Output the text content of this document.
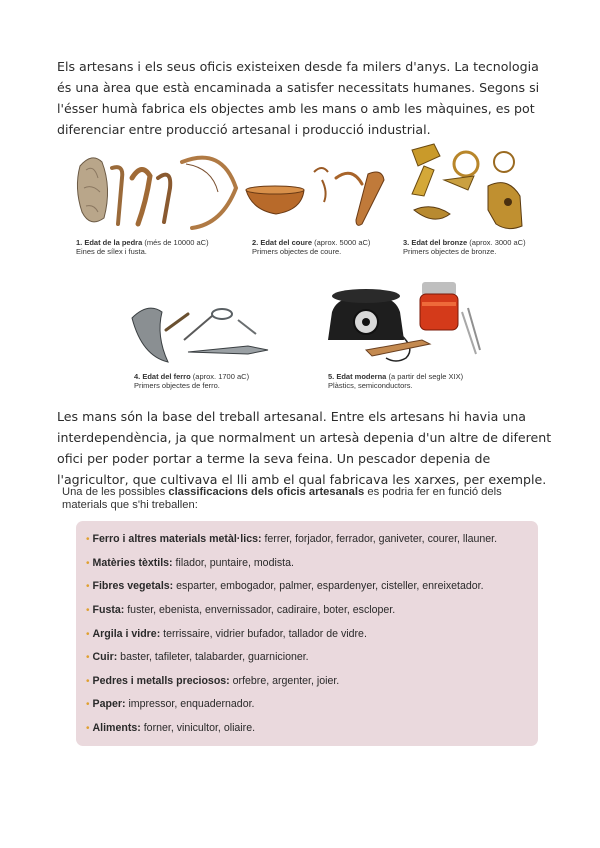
Els artesans i els seus oficis existeixen desde fa milers d'anys. La tecnologia és una àrea que està encaminada a satisfer necessitats humanes. Segons si l'ésser humà fabrica els objectes amb les mans o amb les màquines, es pot diferenciar entre producció artesanal i producció industrial.
1. Edat de la pedra (més de 10000 aC)
Eines de sílex i fusta.
2. Edat del coure (aprox. 5000 aC)
Primers objectes de coure.
3. Edat del bronze (aprox. 3000 aC)
Primers objectes de bronze.
4. Edat del ferro (aprox. 1700 aC)
Primers objectes de ferro.
5. Edat moderna (a partir del segle XIX)
Plàstics, semiconductors.
Les mans són la base del treball artesanal. Entre els artesans hi havia una interdependència, ja que normalment un artesà depenia d'un altre de diferent ofici per poder portar a terme la seva feina. Un pescador depenia de l'agricultor, que cultivava el lli amb el qual fabricava les xarxes, per exemple.
Una de les possibles classificacions dels oficis artesanals es podria fer en funció dels materials que s'hi treballen:
• Ferro i altres materials metàl·lics: ferrer, forjador, ferrador, ganiveter, courer, llauner.
• Matèries tèxtils: filador, puntaire, modista.
• Fibres vegetals: esparter, embogador, palmer, espardenyer, cisteller, enreixetador.
• Fusta: fuster, ebenista, envernissador, cadiraire, boter, escloper.
• Argila i vidre: terrissaire, vidrier bufador, tallador de vidre.
• Cuir: baster, tafileter, talabarder, guarnicioner.
• Pedres i metalls preciosos: orfebre, argenter, joier.
• Paper: impressor, enquadernador.
• Aliments: forner, vinicultor, oliaire.
